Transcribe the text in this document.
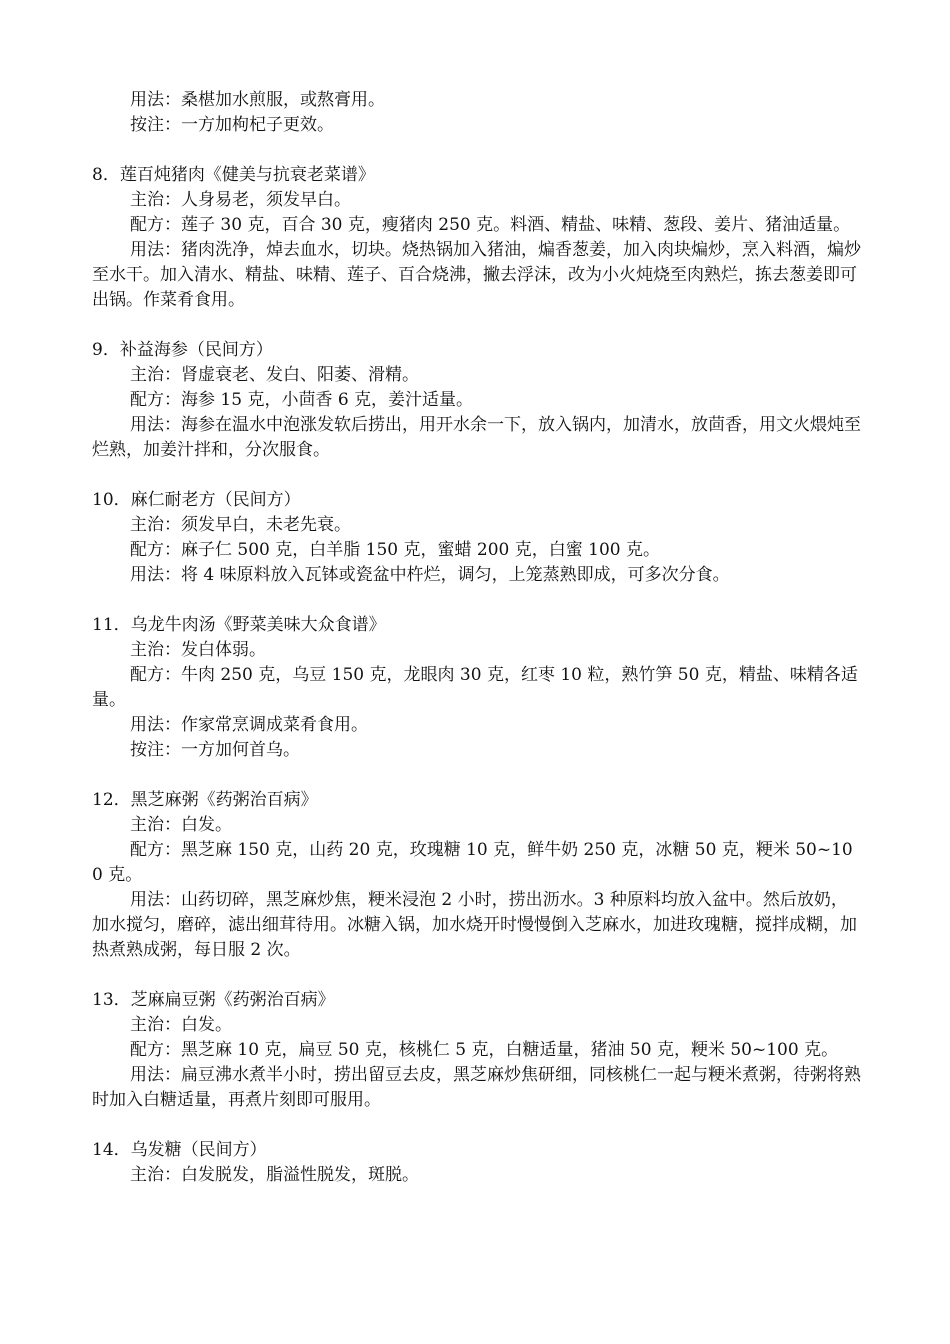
用法：桑椹加水煎服，或熬膏用。
按注：一方加枸杞子更效。
8．莲百炖猪肉《健美与抗衰老菜谱》
主治：人身易老，须发早白。
配方：莲子 30 克，百合 30 克，瘦猪肉 250 克。料酒、精盐、味精、葱段、姜片、猪油适量。
用法：猪肉洗净，焯去血水，切块。烧热锅加入猪油，煸香葱姜，加入肉块煸炒，烹入料酒，煸炒至水干。加入清水、精盐、味精、莲子、百合烧沸，撇去浮沫，改为小火炖烧至肉熟烂，拣去葱姜即可出锅。作菜肴食用。
9．补益海参（民间方）
主治：肾虚衰老、发白、阳萎、滑精。
配方：海参 15 克，小茴香 6 克，姜汁适量。
用法：海参在温水中泡涨发软后捞出，用开水余一下，放入锅内，加清水，放茴香，用文火煨炖至烂熟，加姜汁拌和，分次服食。
10．麻仁耐老方（民间方）
主治：须发早白，未老先衰。
配方：麻子仁 500 克，白羊脂 150 克，蜜蜡 200 克，白蜜 100 克。
用法：将 4 味原料放入瓦钵或瓷盆中杵烂，调匀，上笼蒸熟即成，可多次分食。
11．乌龙牛肉汤《野菜美味大众食谱》
主治：发白体弱。
配方：牛肉 250 克，乌豆 150 克，龙眼肉 30 克，红枣 10 粒，熟竹笋 50 克，精盐、味精各适量。
用法：作家常烹调成菜肴食用。
按注：一方加何首乌。
12．黑芝麻粥《药粥治百病》
主治：白发。
配方：黑芝麻 150 克，山药 20 克，玫瑰糖 10 克，鲜牛奶 250 克，冰糖 50 克，粳米 50~100 克。
用法：山药切碎，黑芝麻炒焦，粳米浸泡 2 小时，捞出沥水。3 种原料均放入盆中。然后放奶，加水搅匀，磨碎，滤出细茸待用。冰糖入锅，加水烧开时慢慢倒入芝麻水，加进玫瑰糖，搅拌成糊，加热煮熟成粥，每日服 2 次。
13．芝麻扁豆粥《药粥治百病》
主治：白发。
配方：黑芝麻 10 克，扁豆 50 克，核桃仁 5 克，白糖适量，猪油 50 克，粳米 50~100 克。
用法：扁豆沸水煮半小时，捞出留豆去皮，黑芝麻炒焦研细，同核桃仁一起与粳米煮粥，待粥将熟时加入白糖适量，再煮片刻即可服用。
14．乌发糖（民间方）
主治：白发脱发，脂溢性脱发，斑脱。
